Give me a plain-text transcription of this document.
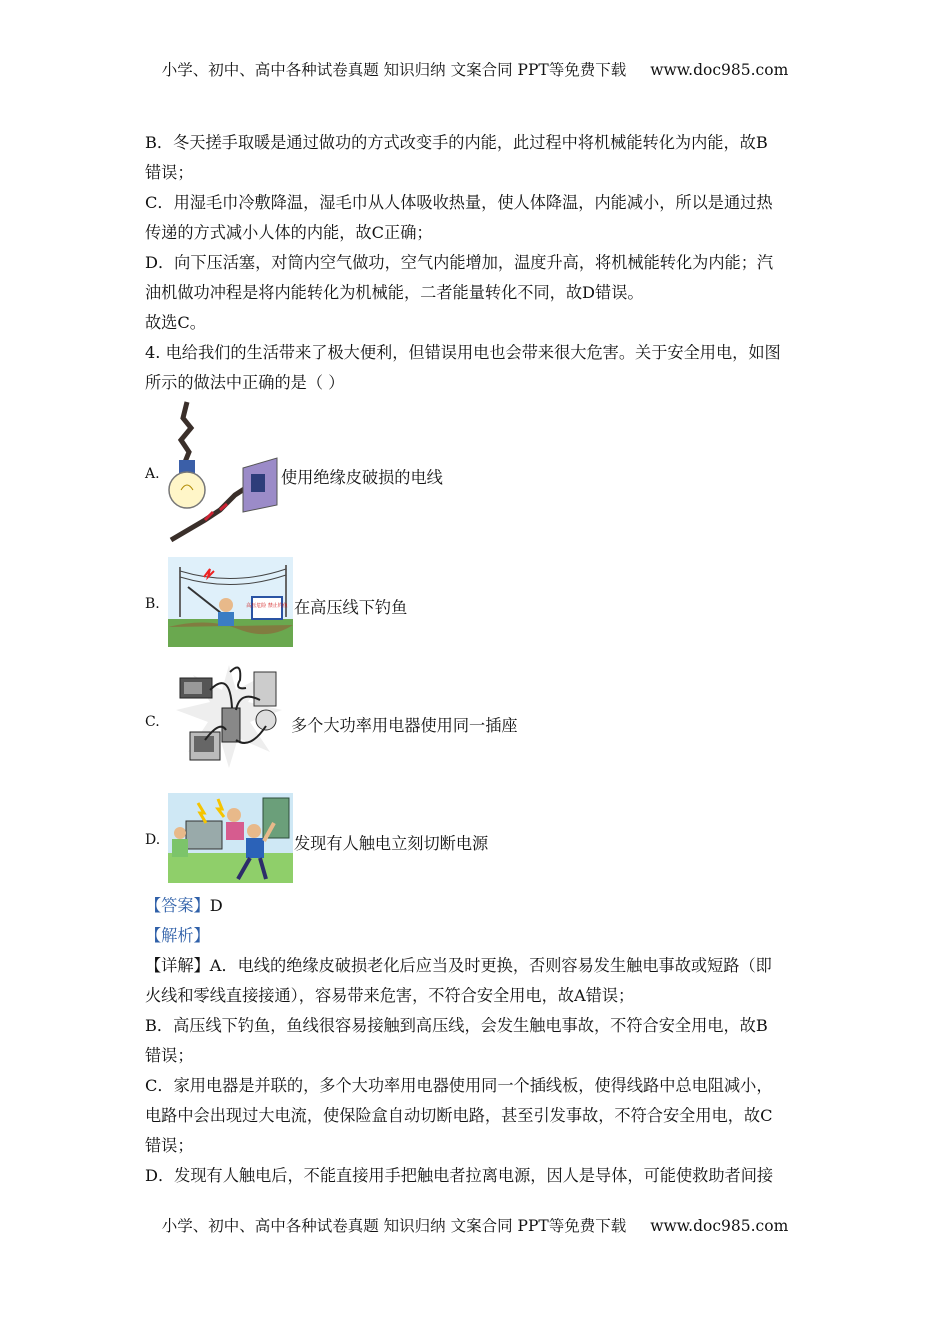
小学、初中、高中各种试卷真题 知识归纳 文案合同 PPT等免费下载 www.doc985.com

B．冬天搓手取暖是通过做功的方式改变手的内能，此过程中将机械能转化为内能，故B

错误；

C．用湿毛巾冷敷降温，湿毛巾从人体吸收热量，使人体降温，内能减小，所以是通过热

传递的方式减小人体的内能，故C正确；

D．向下压活塞，对筒内空气做功，空气内能增加，温度升高，将机械能转化为内能；汽

油机做功冲程是将内能转化为机械能，二者能量转化不同，故D错误。

故选C。

4. 电给我们的生活带来了极大便利，但错误用电也会带来很大危害。关于安全用电，如图

所示的做法中正确的是（ ）

A.	使用绝缘皮破损的电线
B.	高压危险 禁止钓鱼 在高压线下钓鱼
C.	多个大功率用电器使用同一插座
D.	发现有人触电立刻切断电源

【答案】D

【解析】

【详解】A．电线的绝缘皮破损老化后应当及时更换，否则容易发生触电事故或短路（即

火线和零线直接接通），容易带来危害，不符合安全用电，故A错误；

B．高压线下钓鱼，鱼线很容易接触到高压线，会发生触电事故，不符合安全用电，故B

错误；

C．家用电器是并联的，多个大功率用电器使用同一个插线板，使得线路中总电阻减小，

电路中会出现过大电流，使保险盒自动切断电路，甚至引发事故，不符合安全用电，故C

错误；

D．发现有人触电后，不能直接用手把触电者拉离电源，因人是导体，可能使救助者间接

小学、初中、高中各种试卷真题 知识归纳 文案合同 PPT等免费下载 www.doc985.com
